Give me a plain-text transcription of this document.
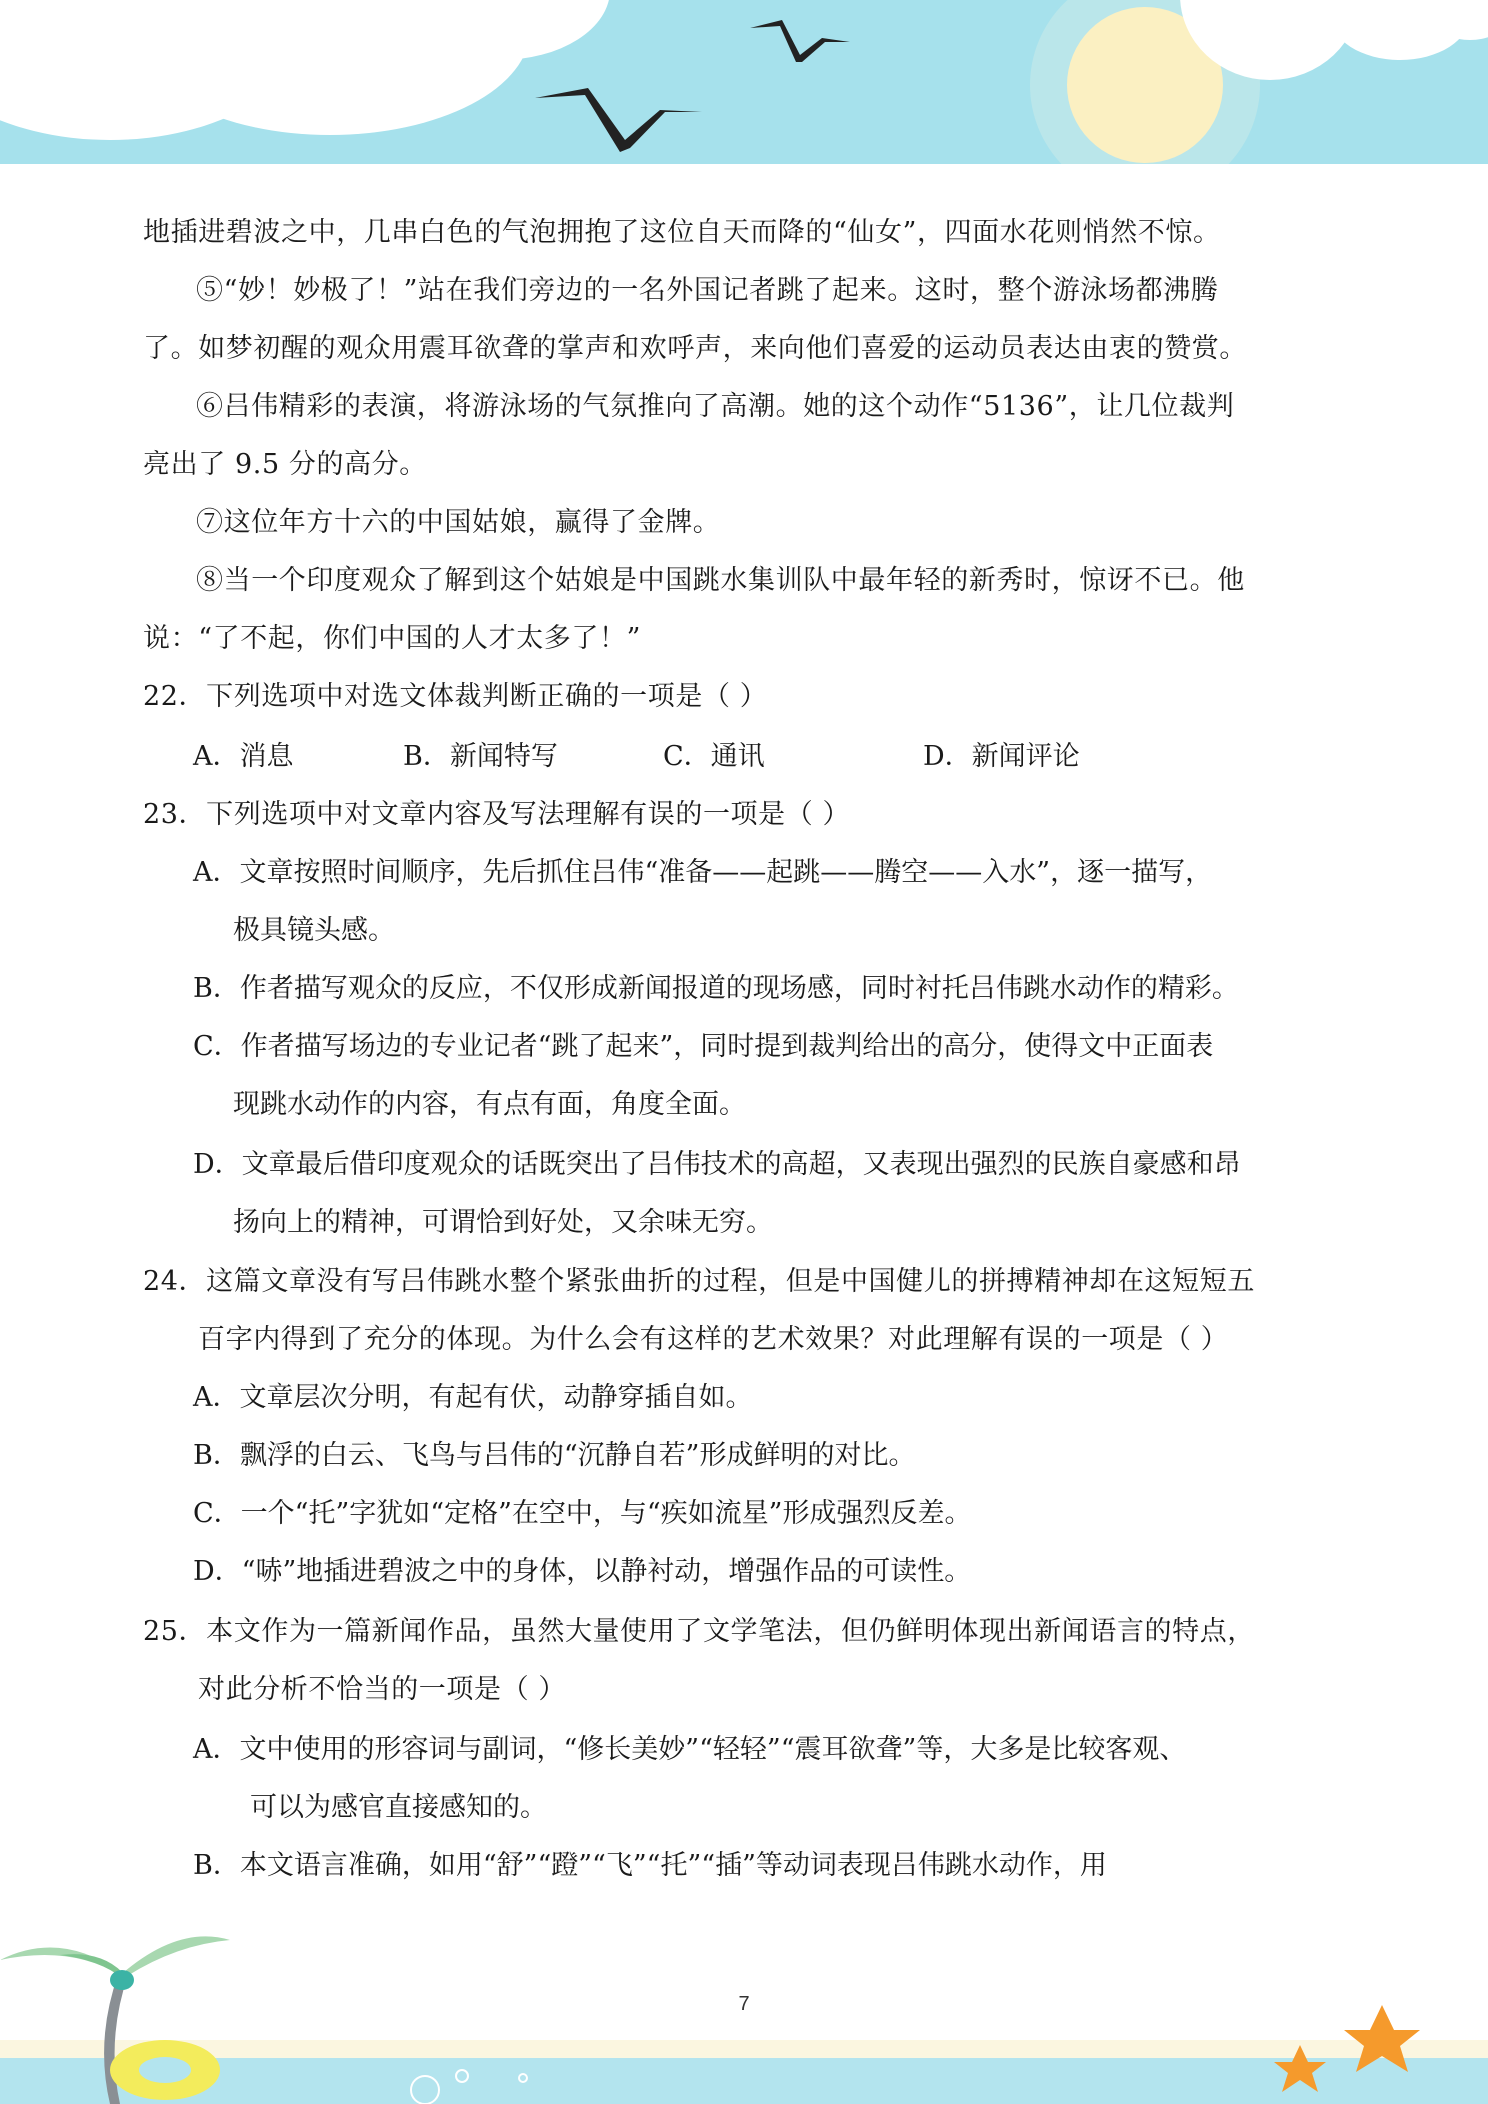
地插进碧波之中，几串白色的气泡拥抱了这位自天而降的“仙女”，四面水花则悄然不惊。
⑤“妙！妙极了！”站在我们旁边的一名外国记者跳了起来。这时，整个游泳场都沸腾
了。如梦初醒的观众用震耳欲聋的掌声和欢呼声，来向他们喜爱的运动员表达由衷的赞赏。
⑥吕伟精彩的表演，将游泳场的气氛推向了高潮。她的这个动作“5136”，让几位裁判
亮出了 9.5 分的高分。
⑦这位年方十六的中国姑娘，赢得了金牌。
⑧当一个印度观众了解到这个姑娘是中国跳水集训队中最年轻的新秀时，惊讶不已。他
说：“了不起，你们中国的人才太多了！”
22．下列选项中对选文体裁判断正确的一项是（ ）
A．消息	B．新闻特写	C．通讯	D．新闻评论
23．下列选项中对文章内容及写法理解有误的一项是（ ）
A．文章按照时间顺序，先后抓住吕伟“准备——起跳——腾空——入水”，逐一描写，
极具镜头感。
B．作者描写观众的反应，不仅形成新闻报道的现场感，同时衬托吕伟跳水动作的精彩。
C．作者描写场边的专业记者“跳了起来”，同时提到裁判给出的高分，使得文中正面表
现跳水动作的内容，有点有面，角度全面。
D．文章最后借印度观众的话既突出了吕伟技术的高超，又表现出强烈的民族自豪感和昂
扬向上的精神，可谓恰到好处，又余味无穷。
24．这篇文章没有写吕伟跳水整个紧张曲折的过程，但是中国健儿的拼搏精神却在这短短五
百字内得到了充分的体现。为什么会有这样的艺术效果？对此理解有误的一项是（ ）
A．文章层次分明，有起有伏，动静穿插自如。
B．飘浮的白云、飞鸟与吕伟的“沉静自若”形成鲜明的对比。
C．一个“托”字犹如“定格”在空中，与“疾如流星”形成强烈反差。
D．“哧”地插进碧波之中的身体，以静衬动，增强作品的可读性。
25．本文作为一篇新闻作品，虽然大量使用了文学笔法，但仍鲜明体现出新闻语言的特点，
对此分析不恰当的一项是（ ）
A．文中使用的形容词与副词，“修长美妙”“轻轻”“震耳欲聋”等，大多是比较客观、
可以为感官直接感知的。
B．本文语言准确，如用“舒”“蹬”“飞”“托”“插”等动词表现吕伟跳水动作，用
7
